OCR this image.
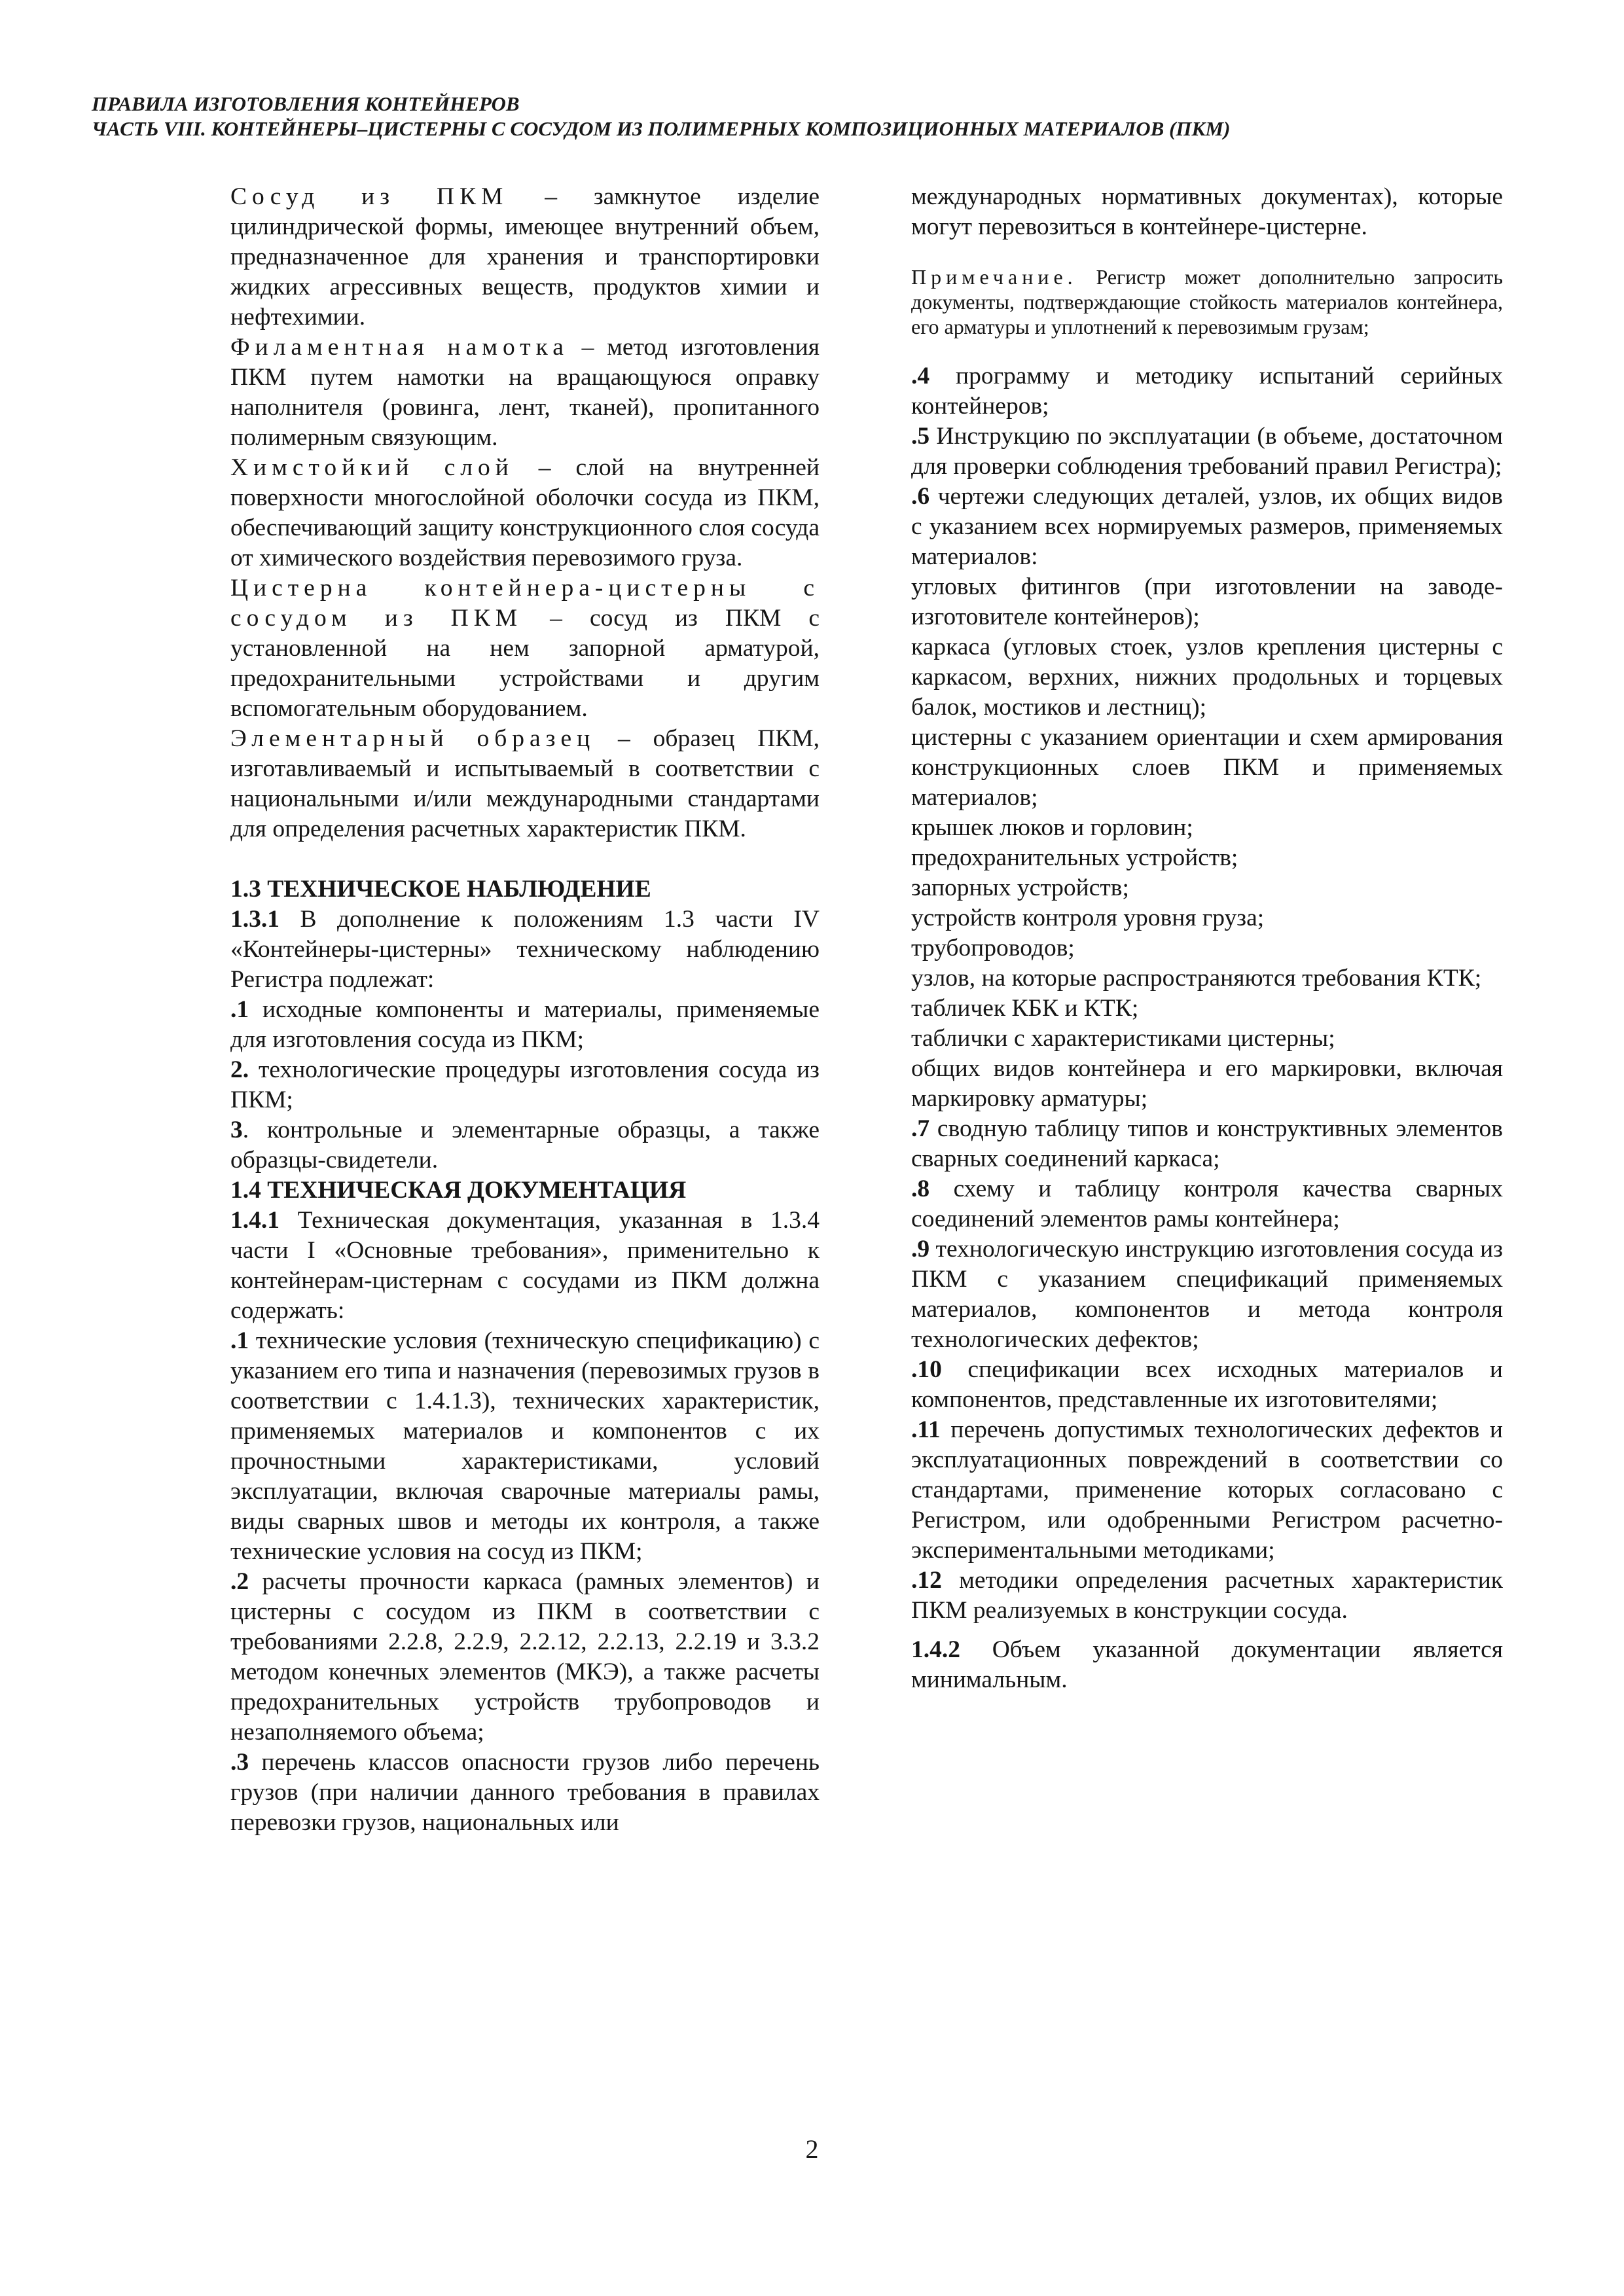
ПРАВИЛА ИЗГОТОВЛЕНИЯ КОНТЕЙНЕРОВ
ЧАСТЬ VIII. КОНТЕЙНЕРЫ–ЦИСТЕРНЫ С СОСУДОМ ИЗ ПОЛИМЕРНЫХ КОМПОЗИЦИОННЫХ МАТЕРИАЛОВ (ПКМ)

Сосуд из ПКМ – замкнутое изделие цилиндрической формы, имеющее внутренний объем, предназначенное для хранения и транспортировки жидких агрессивных веществ, продуктов химии и нефтехимии.

Филаментная намотка – метод изготовления ПКМ путем намотки на вращающуюся оправку наполнителя (ровинга, лент, тканей), пропитанного полимерным связующим.

Химстойкий слой – слой на внутренней поверхности многослойной оболочки сосуда из ПКМ, обеспечивающий защиту конструкционного слоя сосуда от химического воздействия перевозимого груза.

Цистерна контейнера-цистерны с сосудом из ПКМ – сосуд из ПКМ с установленной на нем запорной арматурой, предохранительными устройствами и другим вспомогательным оборудованием.

Элементарный образец – образец ПКМ, изготавливаемый и испытываемый в соответствии с национальными и/или международными стандартами для определения расчетных характеристик ПКМ.

1.3 ТЕХНИЧЕСКОЕ НАБЛЮДЕНИЕ

1.3.1 В дополнение к положениям 1.3 части IV «Контейнеры-цистерны» техническому наблюдению Регистра подлежат:

.1 исходные компоненты и материалы, применяемые для изготовления сосуда из ПКМ;

2. технологические процедуры изготовления сосуда из ПКМ;

3. контрольные и элементарные образцы, а также образцы-свидетели.

1.4 ТЕХНИЧЕСКАЯ ДОКУМЕНТАЦИЯ

1.4.1 Техническая документация, указанная в 1.3.4 части I «Основные требования», применительно к контейнерам-цистернам с сосудами из ПКМ должна содержать:

.1 технические условия (техническую спецификацию) с указанием его типа и назначения (перевозимых грузов в соответствии с 1.4.1.3), технических характеристик, применяемых материалов и компонентов с их прочностными характеристиками, условий эксплуатации, включая сварочные материалы рамы, виды сварных швов и методы их контроля, а также технические условия на сосуд из ПКМ;

.2 расчеты прочности каркаса (рамных элементов) и цистерны с сосудом из ПКМ в соответствии с требованиями 2.2.8, 2.2.9, 2.2.12, 2.2.13, 2.2.19 и 3.3.2 методом конечных элементов (МКЭ), а также расчеты предохранительных устройств трубопроводов и незаполняемого объема;

.3 перечень классов опасности грузов либо перечень грузов (при наличии данного требования в правилах перевозки грузов, национальных или

международных нормативных документах), которые могут перевозиться в контейнере-цистерне.

Примечание. Регистр может дополнительно запросить документы, подтверждающие стойкость материалов контейнера, его арматуры и уплотнений к перевозимым грузам;

.4 программу и методику испытаний серийных контейнеров;

.5 Инструкцию по эксплуатации (в объеме, достаточном для проверки соблюдения требований правил Регистра);

.6 чертежи следующих деталей, узлов, их общих видов с указанием всех нормируемых размеров, применяемых материалов:

угловых фитингов (при изготовлении на заводе-изготовителе контейнеров);

каркаса (угловых стоек, узлов крепления цистерны с каркасом, верхних, нижних продольных и торцевых балок, мостиков и лестниц);

цистерны с указанием ориентации и схем армирования конструкционных слоев ПКМ и применяемых материалов;

крышек люков и горловин;

предохранительных устройств;

запорных устройств;

устройств контроля уровня груза;

трубопроводов;

узлов, на которые распространяются требования КТК;

табличек КБК и КТК;

таблички с характеристиками цистерны;

общих видов контейнера и его маркировки, включая маркировку арматуры;

.7 сводную таблицу типов и конструктивных элементов сварных соединений каркаса;

.8 схему и таблицу контроля качества сварных соединений элементов рамы контейнера;

.9 технологическую инструкцию изготовления сосуда из ПКМ с указанием спецификаций применяемых материалов, компонентов и метода контроля технологических дефектов;

.10 спецификации всех исходных материалов и компонентов, представленные их изготовителями;

.11 перечень допустимых технологических дефектов и эксплуатационных повреждений в соответствии со стандартами, применение которых согласовано с Регистром, или одобренными Регистром расчетно-экспериментальными методиками;

.12 методики определения расчетных характеристик ПКМ реализуемых в конструкции сосуда.

1.4.2 Объем указанной документации является минимальным.

2
